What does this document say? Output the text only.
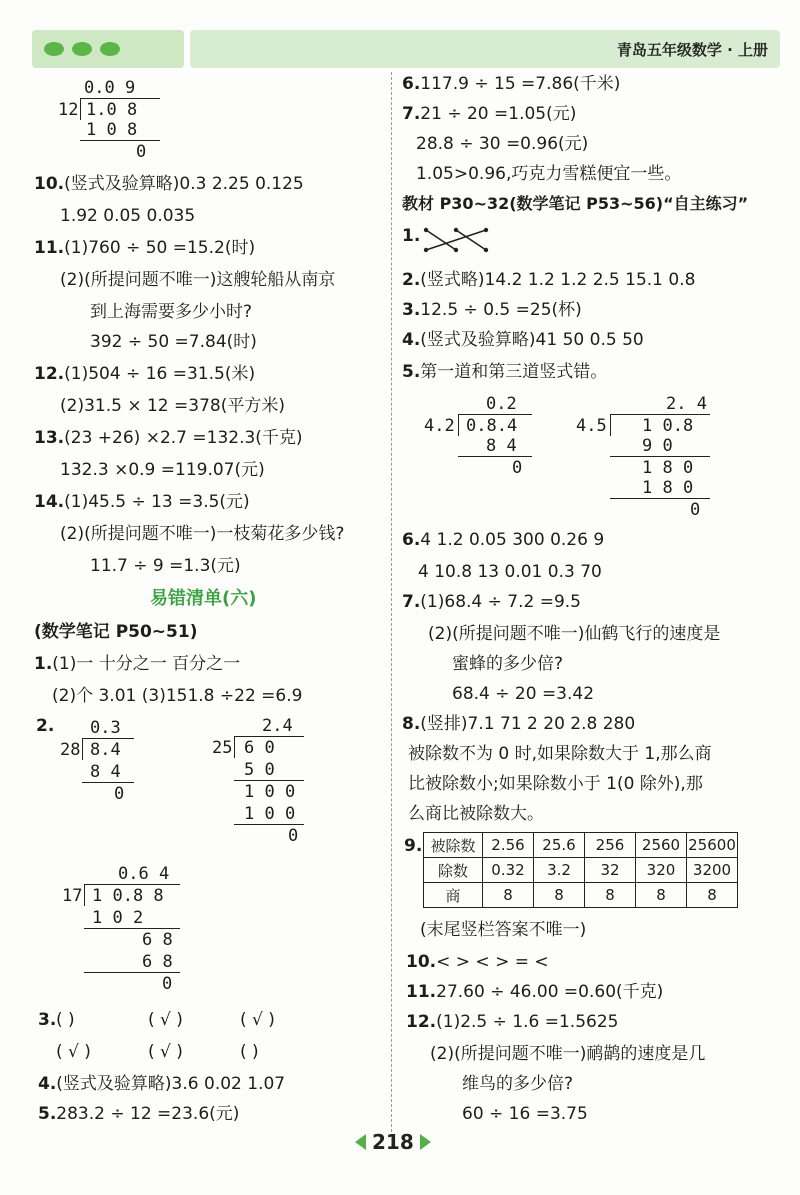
青岛五年级数学 · 上册
0.0 9
12 1.0 8
1 0 8
0
10.(竖式及验算略)0.3 2.25 0.125
1.92 0.05 0.035
11.(1)760 ÷ 50 =15.2(时)
(2)(所提问题不唯一)这艘轮船从南京
到上海需要多少小时?
392 ÷ 50 =7.84(时)
12.(1)504 ÷ 16 =31.5(米)
(2)31.5 × 12 =378(平方米)
13.(23 +26) ×2.7 =132.3(千克)
132.3 ×0.9 =119.07(元)
14.(1)45.5 ÷ 13 =3.5(元)
(2)(所提问题不唯一)一枝菊花多少钱?
11.7 ÷ 9 =1.3(元)
易错清单(六)
(数学笔记 P50~51)
1.(1)一 十分之一 百分之一
(2)个 3.01 (3)151.8 ÷22 =6.9
2. 0.3
28 8.4
8 4
0
2.4
25 6 0
5 0
1 0 0
1 0 0
0
0.6 4
17 1 0.8 8
1 0 2
6 8
6 8
0
3. ( )	( √ )	( √ )
( √ )	( √ )	( )
4.(竖式及验算略)3.6 0.02 1.07
5.283.2 ÷ 12 =23.6(元)
6.117.9 ÷ 15 =7.86(千米)
7.21 ÷ 20 =1.05(元)
28.8 ÷ 30 =0.96(元)
1.05>0.96,巧克力雪糕便宜一些。
教材 P30~32(数学笔记 P53~56)“自主练习”
1.
2.(竖式略)14.2 1.2 1.2 2.5 15.1 0.8
3.12.5 ÷ 0.5 =25(杯)
4.(竖式及验算略)41 50 0.5 50
5.第一道和第三道竖式错。
0.2
4.2 0.8.4
8 4
0
2. 4
4.5 1 0.8
9 0
1 8 0
1 8 0
0
6.4 1.2 0.05 300 0.26 9
4 10.8 13 0.01 0.3 70
7.(1)68.4 ÷ 7.2 =9.5
(2)(所提问题不唯一)仙鹤飞行的速度是
蜜蜂的多少倍?
68.4 ÷ 20 =3.42
8.(竖排)7.1 71 2 20 2.8 280
被除数不为 0 时,如果除数大于 1,那么商
比被除数小;如果除数小于 1(0 除外),那
么商比被除数大。
9. 被除数	2.56	25.6	256	2560	25600
除数	0.32	3.2	32	320	3200
商	8	8	8	8	8
(末尾竖栏答案不唯一)
10.< > < > = <
11.27.60 ÷ 46.00 =0.60(千克)
12.(1)2.5 ÷ 1.6 =1.5625
(2)(所提问题不唯一)鸸鹋的速度是几
维鸟的多少倍?
60 ÷ 16 =3.75
218
